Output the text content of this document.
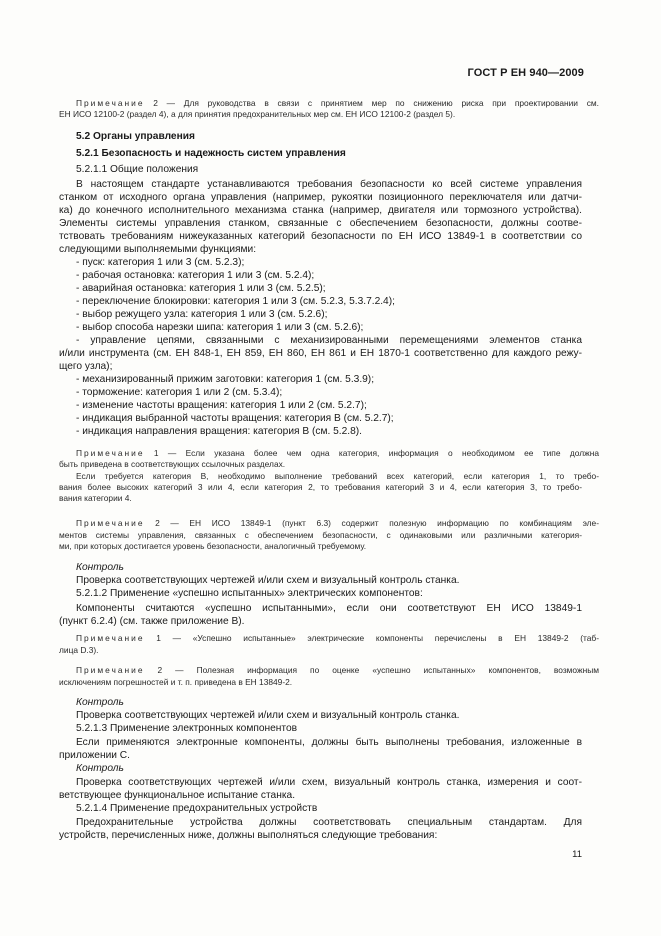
ГОСТ Р ЕН 940—2009
Примечание 2 — Для руководства в связи с принятием мер по снижению риска при проектировании см.
ЕН ИСО 12100-2 (раздел 4), а для принятия предохранительных мер см. ЕН ИСО 12100-2 (раздел 5).
5.2 Органы управления
5.2.1 Безопасность и надежность систем управления
5.2.1.1 Общие положения
В настоящем стандарте устанавливаются требования безопасности ко всей системе управления
станком от исходного органа управления (например, рукоятки позиционного переключателя или датчи-
ка) до конечного исполнительного механизма станка (например, двигателя или тормозного устройства).
Элементы системы управления станком, связанные с обеспечением безопасности, должны соотве-
тствовать требованиям нижеуказанных категорий безопасности по ЕН ИСО 13849-1 в соответствии со
следующими выполняемыми функциями:
- пуск: категория 1 или 3 (см. 5.2.3);
- рабочая остановка: категория 1 или 3 (см. 5.2.4);
- аварийная остановка: категория 1 или 3 (см. 5.2.5);
- переключение блокировки: категория 1 или 3 (см. 5.2.3, 5.3.7.2.4);
- выбор режущего узла: категория 1 или 3 (см. 5.2.6);
- выбор способа нарезки шипа: категория 1 или 3 (см. 5.2.6);
- управление цепями, связанными с механизированными перемещениями элементов станка
и/или инструмента (см. ЕН 848-1, ЕН 859, ЕН 860, ЕН 861 и ЕН 1870-1 соответственно для каждого режу-
щего узла);
- механизированный прижим заготовки: категория 1 (см. 5.3.9);
- торможение: категория 1 или 2 (см. 5.3.4);
- изменение частоты вращения: категория 1 или 2 (см. 5.2.7);
- индикация выбранной частоты вращения: категория В (см. 5.2.7);
- индикация направления вращения: категория В (см. 5.2.8).
Примечание 1 — Если указана более чем одна категория, информация о необходимом ее типе должна
быть приведена в соответствующих ссылочных разделах.
Если требуется категория В, необходимо выполнение требований всех категорий, если категория 1, то требо-
вания более высоких категорий 3 или 4, если категория 2, то требования категорий 3 и 4, если категория 3, то требо-
вания категории 4.
Примечание 2 — ЕН ИСО 13849-1 (пункт 6.3) содержит полезную информацию по комбинациям эле-
ментов системы управления, связанных с обеспечением безопасности, с одинаковыми или различными категория-
ми, при которых достигается уровень безопасности, аналогичный требуемому.
Контроль
Проверка соответствующих чертежей и/или схем и визуальный контроль станка.
5.2.1.2 Применение «успешно испытанных» электрических компонентов:
Компоненты считаются «успешно испытанными», если они соответствуют ЕН ИСО 13849-1
(пункт 6.2.4) (см. также приложение В).
Примечание 1 — «Успешно испытанные» электрические компоненты перечислены в ЕН 13849-2 (таб-
лица D.3).
Примечание 2 — Полезная информация по оценке «успешно испытанных» компонентов, возможным
исключениям погрешностей и т. п. приведена в ЕН 13849-2.
Контроль
Проверка соответствующих чертежей и/или схем и визуальный контроль станка.
5.2.1.3 Применение электронных компонентов
Если применяются электронные компоненты, должны быть выполнены требования, изложенные в
приложении С.
Контроль
Проверка соответствующих чертежей и/или схем, визуальный контроль станка, измерения и соот-
ветствующее функциональное испытание станка.
5.2.1.4 Применение предохранительных устройств
Предохранительные устройства должны соответствовать специальным стандартам. Для
устройств, перечисленных ниже, должны выполняться следующие требования:
11
